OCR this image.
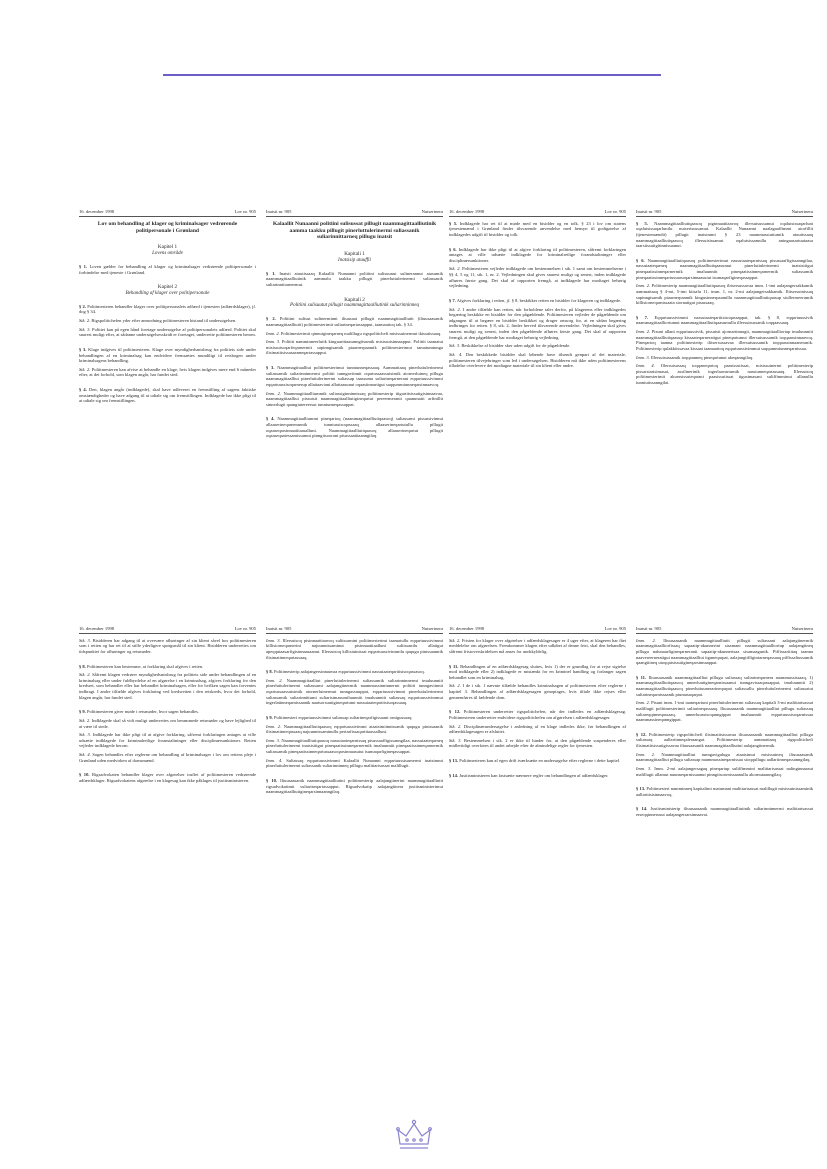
16. december 1998	Lov nr. 905
Lov om behandling af klager og kriminalsager vedrørende politipersonale i Grønland
Kapitel 1
Lovens område
§ 1. Loven gælder for behandling af klager og kriminalsager vedrørende politipersonale i forbindelse med tjeneste i Grønland.
Kapitel 2
Behandling af klager over politipersonale
§ 2. Politimesteren behandler klager over politipersonalets adfærd i tjenesten (adfærdsklager), jf. dog § 34.
Stk. 2. Rigspolitichefen yder efter anmodning politimesteren bistand til undersøgelsen.
Stk. 3. Politiet kan på egen hånd foretage undersøgelse af politipersonalets adfærd. Politiet skal snarest muligt efter, at sådanne undersøgelsesskridt er foretaget, underrette politimesteren herom.
§ 3. Klage indgives til politimesteren. Klage over myndighedsmisbrug fra politiets side under behandlingen af en kriminalsag kan endvidere fremsættes mundtligt til retsbogen under kriminalsagens behandling.
Stk. 2. Politimesteren kan afvise at behandle en klage, hvis klagen indgives mere end 6 måneder efter, at det forhold, som klagen angår, har fundet sted.
§ 4. Den, klagen angår (indklagede), skal have udleveret en fremstilling af sagens faktiske omstændigheder og have adgang til at udtale sig om fremstillingen. Indklagede har ikke pligt til at udtale sig om fremstillingen.
Inatsit nr. 905	Nutserinera
Kalaallit Nunaanni politiini sulisussat pillugit naammagittaalliutinik aamma taakku pillugit pinerluttulerinermi suliassanik suliarinnittarneq pillugu inatsit
Kapitali 1
Inatsisip atuuffii
§ 1. Inatsit atuutissaaq Kalaallit Nunaanni politiini sulisuunut sulinerannut atasumik naammagittaalliutinik aammalu taakku pillugit pinerluttulerinermi suliassanik suliarinnittarnermut.
Kapitali 2
Politiini sulisuutut pillugit naammagittaalliutinik suliarinninneq
§ 2. Politiini sulisut sulinerminni iliuusaat pillugit naammagittaalliutit (iliuusaasanik naammagittaalliutit) politimesterimit suliarineqartassapput, taamaattoq tak. § 34.
Imm. 2. Politimesterimit qinnuigineqarneq malillugu rigspolitichefi misissuinermut ikiuutissaaq.
Imm. 3. Politiit namminneerlutik kinguarittaasanngitsumik misissuisinnaapput. Politiit taamatut misissuisoqarfeqarnermit sapinngisamik piaarnerpaamik politimesterimut tamatuminnga ilisimatitsissasaanneqartassapput.
§ 3. Naammagittaalliut politimesterimut tunniunneqassaaq. Aammattaaq pinerluttulerinermi suliassamik suliarinninnermi politiit tunngaviinnit oqartussaassutsimik atornerluineq pillugu naammagittaalliut pinerluttulerinermi suliassap taassuma suliarineqarnerani eqqartuussivimmi eqqartuussisoqarnerup allattaaviani allattaasunut oqaasiinnartigut saqqummiunneqarsinnaavoq.
Imm. 2. Naammagittaalliummik suliassiginninnissaq politimesterip itigartitsissutigisinnaavaa, naammagittaalliut pissutsit naammagittaalliutigineqartut pereermeranit qaammatit arfinillit sinnerlugit qaangiutereersut tunniunneqassappat.
§ 4. Naammagittaalliummi pineqartoq (naammagittaalliutiqaasoq) suliassami pissutsivinnut allaaserineqarnerannik tunniussisoqassaaq allaaserineqartutullu pillugit oqaaseqarsinnaatitaasalluni. Naammagittaalliutiqaasoq allaaserineqartut pillugit oqaaseqaatessamissamut pinngitsoorani pisussaatitaanngilaq.
16. december 1998	Lov nr. 905
§ 5. Indklagede har ret til at møde med en bisidder og en tolk. § 23 i lov om statens tjenestemænd i Grønland finder tilsvarende anvendelse med hensyn til godtgørelse af indklagedes udgift til bisidder og tolk.
§ 6. Indklagede har ikke pligt til at afgive forklaring til politimesteren, såfremt forklaringen antages at ville udsætte indklagede for kriminalretlige forandstaltninger eller disciplinærsanktioner.
Stk. 2. Politimesteren vejleder indklagede om bestemmelsen i stk. 1 samt om bestemmelserne i §§ 4, 5 og 11, stk. 1, nr. 2. Vejledningen skal gives snarest muligt og senest, inden indklagede afhøres første gang. Det skal af rapporten fremgå, at indklagede har modtaget behørig vejledning.
§ 7. Afgives forklaring i retten, jf. § 8, beskikker retten en bisidder for klageren og indklagede.
Stk. 2. I andre tilfælde kan retten, når forholdene taler derfor, på klagerens eller indklagedes begæring beskikke en bisidder for den pågældende. Politimesteren vejleder de pågældende om adgangen til at begære en bisidder beskikket og drager omsorg for, at en sådan begæring indbringes for retten. § 8, stk. 2, finder herved tilsvarende anvendelse. Vejledningen skal gives snarest muligt og senest, inden den pågældende afhøres første gang. Det skal af rapporten fremgå, at den pågældende har modtaget behørig vejledning.
Stk. 3. Beskikkelse af bisidder sker uden udgift for de pågældende.
Stk. 4. Den beskikkede bisidder skal løbende have tilsendt genpart af det materiale, politimesteren tilvejebringer som led i undersøgelsen. Bisidderen må ikke uden politimesterens tilladelse overlevere det modtagne materiale til sin klient eller andre.
Inatsit nr. 905	Nutserinera
§ 5. Naammagittaalliutiqaasoq piginnaatitaavoq illersuisussamut oqalutsissaqarluni oqalutsissaqarlunilu nutserisussamut. Kalaallit Nunaanni naalagaaffimmi atorfillit (tjenestemændit) pillugit inatsimmi § 23 naammassiuttumik atuutissaaq naammagittaalliutiqaasoq illersuisissamut oqalutsissamullu aningaasartuutaasa taarsiissutigitinnissaanut.
§ 6. Naammagittaalliutiqaasoq politimesterimut nassuiaateqarnissaq pisussaaffigissanngilaa, nassuiaateqarneq naammagittaalliutiqaasumut pinerluttulerinermi inatsisitigut pineqaatissinneqarnermik imaluunniit pineqaatissinneqarnermik suliassamik pineqaatissinneqartussaasoqarsinnaasutut isumaqarfigineqassappat.
Imm. 2. Politimesterip naammagittaalliutiqaasoq ilitsersussavaa imm. 1-imi aalajangersakkamik aammattaaq § 4-mi, 5-imi kiisalu 11, imm. 1, nr. 2-mi aalajangersakkamik. Ilitsersuinissaq sapinngisamik piaarnerpaamik kingusinnerpaamillu naammagittaalliutiqaasup siullermeerumik killisiorneqarnissaata siornatigut pisassaaq.
§ 7. Eqqartuussivimmi nassuiaateqartitsisoqassappat, tak. § 8, eqqartuussivik naammagittaalliortumut naammagittaalliutiqaasumullu illersuisussanik toqqaassaaq.
Imm. 2. Pisuni allani eqqartuussivik, pissutsit ajornartinnagit, naammagittaalliortup imaluunniit naammagittaalliutiqaasup kissaateqarneratigut pineqartumut illersuisussamik toqqaassinnaavoq. Pineqartoq taanna politimesterip ilitsersussavaa illersuisussamik toqqaassinnaaneranik. Politimesterip qulakkiissavaa kissaat taamaattoq eqqartuussivimmut saqqummiunneqarnissaa.
Imm. 3. Illersuisussamik toqqaanneq pineqartunut akeqanngilaq.
Imm. 4. Illersuisussaq toqqaneqartoq paasissutissat, misissuinermi politimesterip pissarsiarisimasai, assilinerinik ingerlaavartumik nassiunneqartassaaq. Illersuisoq politimesterimit akuersissuteqarani paasissutissat tigusimasani suliffimminut allanullu tunniutissanngilai.
16. december 1998	Lov nr. 905
Stk. 3. Bisidderen har adgang til at overvære afhøringer af sin klient såvel hos politimesteren som i retten og har ret til at stille yderligere spørgsmål til sin klient. Bisidderen underrettes om tidspunktet for afhøringer og retsmøder.
§ 8. Politimesteren kan bestemme, at forklaring skal afgives i retten.
Stk. 2. Såfremt klagen vedrører myndighedsmisbrug fra politiets side under behandlingen af en kriminalsag eller under fuldbyrdelse af en afgørelse i en kriminalsag, afgives forklaring for den kredsret, som behandler eller har behandlet kriminalsagen, eller for hvilken sagen kan forventes indbragt. I andre tilfælde afgives forklaring ved kredsretten i den retskreds, hvor det forhold, klagen angår, har fundet sted.
§ 9. Politimesteren giver møde i retsmøder, hvor sagen behandles.
Stk. 2. Indklagede skal så vidt muligt underrettes om berammede retsmøder og have lejlighed til at være til stede.
Stk. 3. Indklagede har ikke pligt til at afgive forklaring, såfremt forklaringen antages at ville udsætte indklagede for kriminalretlige foranstaltninger eller disciplinærsanktioner. Retten vejleder indklagede herom.
Stk. 4. Sagen behandles efter reglerne om behandling af kriminalsager i lov om rettens pleje i Grønland uden medvirken af domsmænd.
§ 10. Rigsadvokaten behandler klager over afgørelser truffet af politimesteren vedrørende adfærdsklager. Rigsadvokatens afgørelse i en klagesag kan ikke påklages til justitsministeren.
Inatsit nr. 905	Nutserinera
Imm. 3. Illersuisoq pisinnaatitaavoq suliissamini politimesterimi taamatullu eqqartuussivimmi killisiorneqarnerini najuunnissaminut pisinnaatitaalluni suliissanilu allatigut apeqqutaasarfigisinnaasaanut. Illersuisoq killisiuinissat eqqartuussivimmilu qaqugu pinissaannik ilisimatinneqartassaaq.
§ 8. Politimesterip aalajangersinnaavaa eqqartuussivimmi nassuiaateqartitsisoqassasoq.
Imm. 2. Naammagittaalliut pinerluttulerinermi suliassamik suliarinninnermi imaluunniit pinerluttulerinermi suliassami aalajangiinermik naammassinninnermi politiit tunngaviinnit oqartussaassutsimik atornerluinermut tunngassuuppat, eqqartuussivimmi pinerluttulerinermi suliassamik suliarinnittumi suliarisimasumiluunniit imaluunniit suliassaq eqqartuussivimmut ingerlatinneqarnissaanik naatsorsuutigineqartumi nassuiaateqartitsisoqassaaq.
§ 9. Politimesteri eqqartuussivimmi suliassap suliarineqarfigissaani ornigussaaq.
Imm. 2. Naammagittaalliutiqaasoq eqqartuussivimmi ataatsimiinnissanik qaqugu pinissaanik ilisimatinneqassaaq najuunnissaminullu periarfissaqartitaassalluni.
Imm. 3. Naammagittaalliutiqaasoq nassuiaateqarnissaq pisussaaffigissanngilaa, nassuiaateqarneq pinerluttulerinermi inatsisitigut pineqaatissinneqarnermik imaluunniit pineqaatissinneqarnermik suliassamik pineqaatissinneqartussaasoqarsinnaasutut isumaqarfigineqassappat.
Imm. 4. Suliassaq eqqartuussivimmi Kalaallit Nunaanni eqqartuussisarnermi inatsimmi pinerluttulerinermi suliassanik suliarinninneq pillugu malittarisassat malillugit.
§ 10. Iliuusaasanik naammagittaalliutini politimesterip aalajangiinerini naammagittaalliutit rigsadvokatimit suliarineqartassapput. Rigsadvokatip aalajangiinera justitsministerimut naammagittaalliutigineqarsinnaanngilaq.
16. december 1998	Lov nr. 905
Stk. 2. Fristen for klager over afgørelser i adfærdsklagesager er 4 uger efter, at klageren har fået meddelelse om afgørelsen. Fremkommer klagen efter udløbet af denne frist, skal den behandles, såfremt fristoverskridelsen må anses for undskyldelig.
§ 11. Behandlingen af en adfærdsklagesag sluttes, hvis 1) der er grundlag for at rejse sigtelse mod indklagede eller 2) indklagede er mistænkt for en kriminel handling og forlanger sagen behandlet som en kriminalsag.
Stk. 2. I de i stk. 1 nævnte tilfælde behandles kriminalsagen af politimesteren efter reglerne i kapitel 3. Behandlingen af adfærdsklagesagen genoptages, hvis tiltale ikke rejses eller gennemføres til fældende dom.
§ 12. Politimesteren underretter rigspolitichefen, når der indledes en adfærdsklagesag. Politimesteren underretter endvidere rigspolitichefen om afgørelsen i adfærdsklagesager.
Stk. 2. Disciplinærundersøgelse i anledning af en klage indledes ikke, før behandlingen af adfærdsklagesagen er afsluttet.
Stk. 3. Bestemmelsen i stk. 2 er ikke til hinder for, at den pågældende suspenderes eller midlertidigt overføres til andet arbejde efter de almindelige regler for tjenesten.
§ 13. Politimesteren kan af egen drift iværksætte en undersøgelse efter reglerne i dette kapitel.
§ 14. Justitsministeren kan fastsætte nærmere regler om behandlingen af adfærdsklager.
Inatsit nr. 905	Nutserinera
Imm. 2. Iliuusaasanik naammagittaalliutit pillugit suliassani aalajangiinermik naammagittaalliorfissaq sapaatip-akunnerini sisamani naammagittaalliortup aalajangiineq pillugu nalunaarfigineqarneranit sapaatip-akunnerisaa sisamaagunik. Piffissarititaq taanna naavereerneratigut naammagittaalliut tiguneqarpat, aalajangiiffiginiarneqassaaq piffissaliussamik qaangiiineq utoqqatsissutigineqarsinnaappat.
§ 11. Iliuusaasanik naammagittaalliut pillugu suliassaq suliarineqarnera naammassissaaq, 1) naammagittaalliutiqaasoq unnerluutigineqarnissaanut tunngavissaqassappat, imaluunniit 2) naammagittaalliutiqaasoq pinerluttuunerarineqarpat suliassallu pinerluttulerinermi suliassatut suliarineqarnissaanik piumasaqarpat.
Imm. 2. Pisuni imm. 1-imi taaneqartuni pinerluttulerinermi suliassaq kapitali 3-mi malittarisassat malillugit politimesterimit suliarineqassaaq. Iliuusaasanik naammagittaalliut pillugu suliassaq suliareqqinneqassaaq, unnerluussisoqanngippat imaluunniit eqqartuussisoqarnissaa naammassineqanngippat.
§ 12. Politimesterip rigspolitichefi ilisimatitsissavaa iliuusaasanik naammagittaalliut pillugu suliassaq aallartinneqaleraangat. Politimesterip aammattaaq rigspolitichefi ilisimatitsissutigissavaa iliuusaasanik naammagittaalliutini aalajangiinermik.
Imm. 2. Naammagittaalliut tunngavigalugu ataatsimut misissuineq iliuusaasanik naammagittaalliut pillugu suliassap naammassineqarnissaa sioqqullugu aallartinneqassanngilaq.
Imm. 3. Imm. 2-mi aalajangersagaq pineqartup suliffimmini malittarisassat nalinginnaasut malillugit allamut nuunneqarnissaanut pinngitsoornissaanullu akornutaanngilaq.
§ 13. Politimesteri namminneq kapitalimi matumani malittarisassat malillugit misissuinissaminik aallartitsisinnaavoq.
§ 14. Justitsministerip iliuusaasanik naammagittaalliutinik suliarinninnermi malittarisassat erseqqinnerusut aalajangersarsinnaavai.
